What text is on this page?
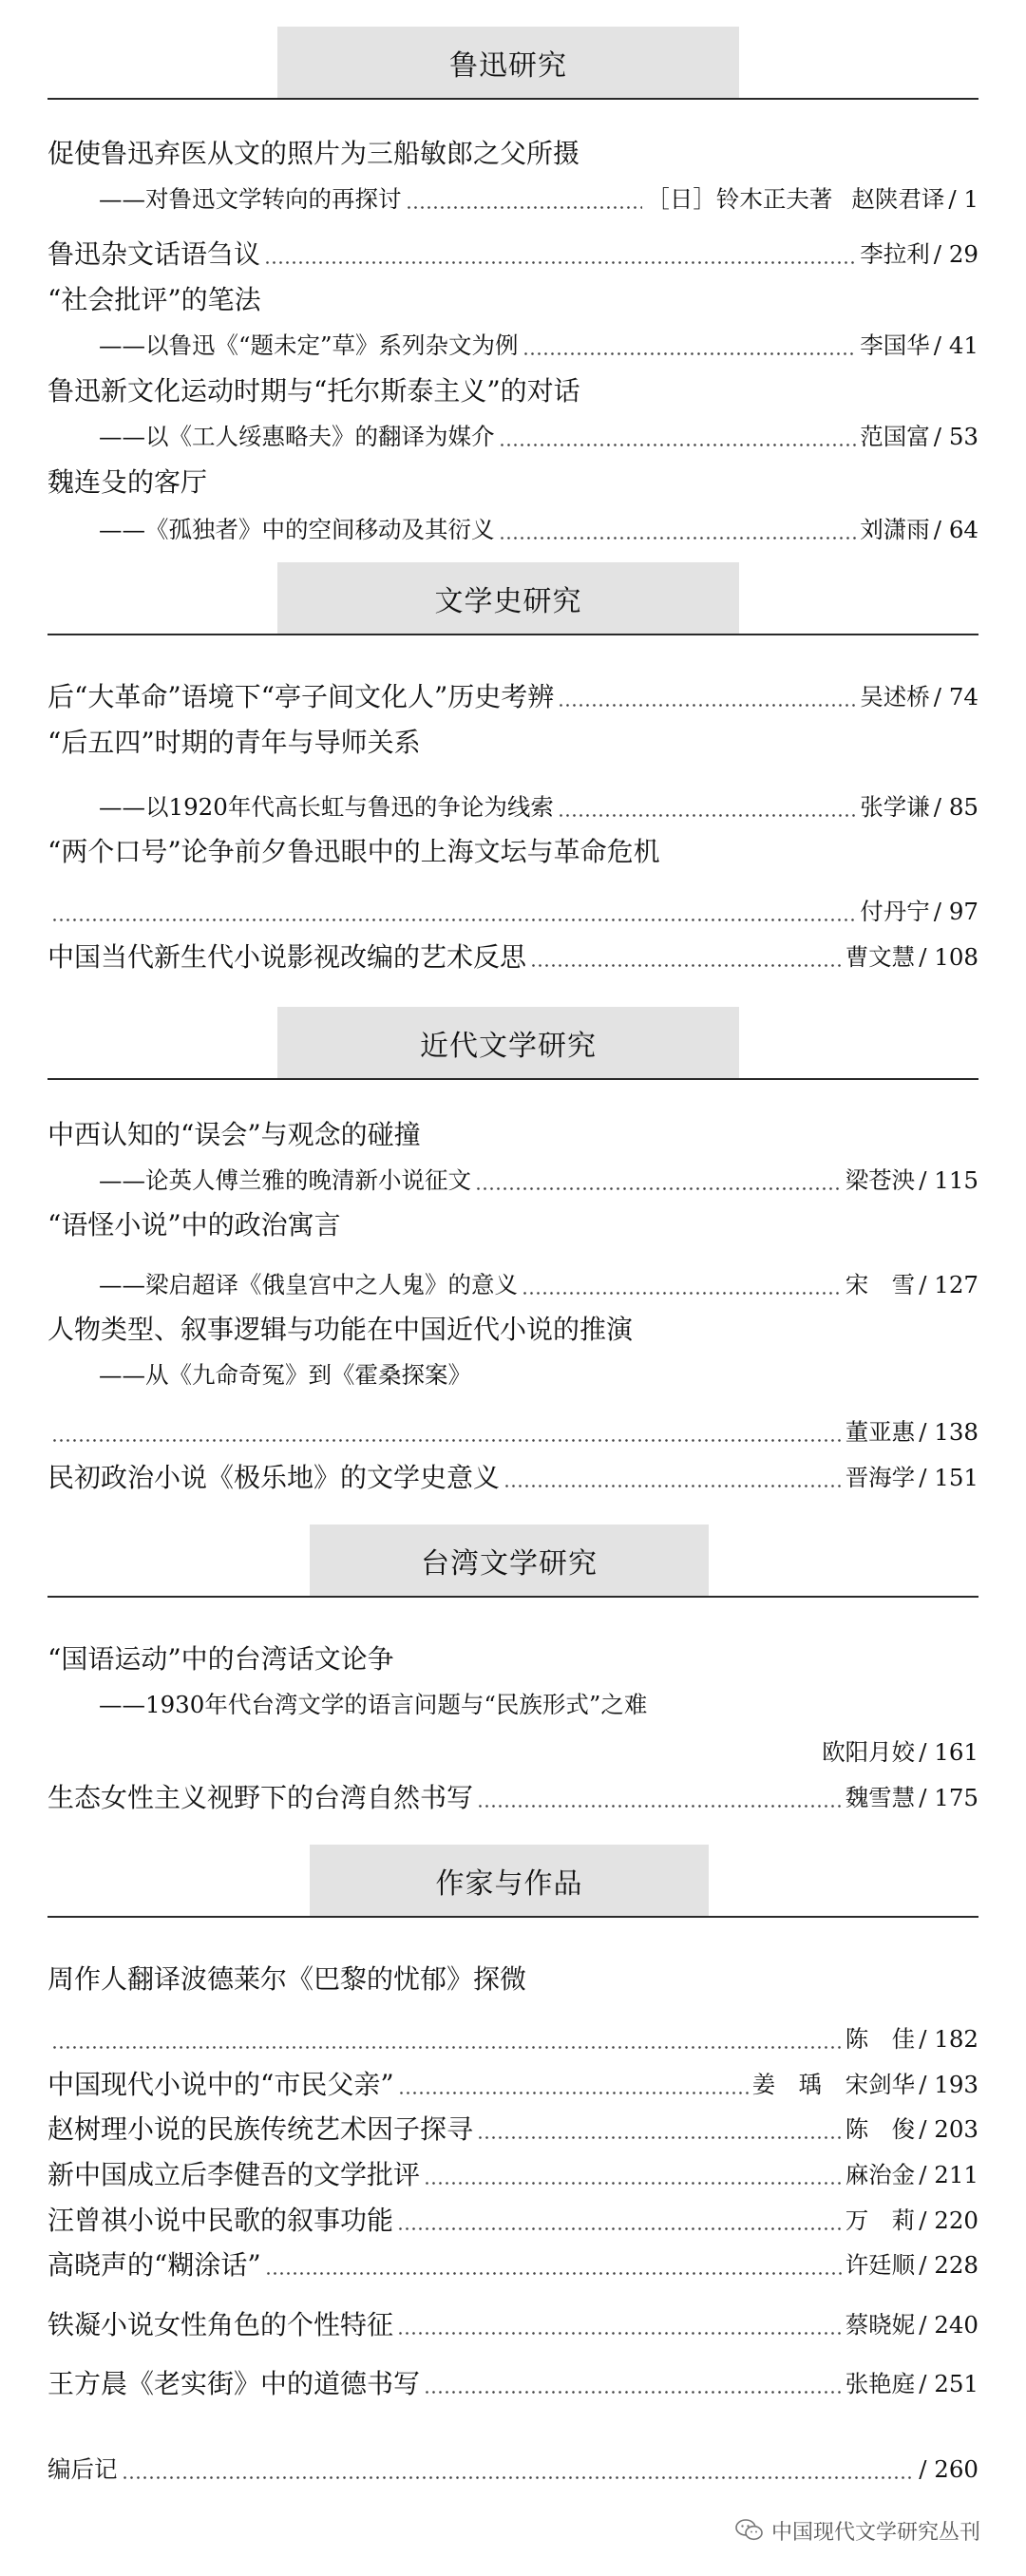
鲁迅研究
促使鲁迅弃医从文的照片为三船敏郎之父所摄
——对鲁迅文学转向的再探讨	［日］铃木正夫著 赵陕君译 / 1
鲁迅杂文话语刍议	李拉利 / 29
“社会批评”的笔法
——以鲁迅《“题未定”草》系列杂文为例	李国华 / 41
鲁迅新文化运动时期与“托尔斯泰主义”的对话
——以《工人绥惠略夫》的翻译为媒介	范国富 / 53
魏连殳的客厅
——《孤独者》中的空间移动及其衍义	刘潇雨 / 64
文学史研究
后“大革命”语境下“亭子间文化人”历史考辨	吴述桥 / 74
“后五四”时期的青年与导师关系
——以1920年代高长虹与鲁迅的争论为线索	张学谦 / 85
“两个口号”论争前夕鲁迅眼中的上海文坛与革命危机
付丹宁 / 97
中国当代新生代小说影视改编的艺术反思	曹文慧 / 108
近代文学研究
中西认知的“误会”与观念的碰撞
——论英人傅兰雅的晚清新小说征文	梁苍泱 / 115
“语怪小说”中的政治寓言
——梁启超译《俄皇宫中之人鬼》的意义	宋　雪 / 127
人物类型、叙事逻辑与功能在中国近代小说的推演
——从《九命奇冤》到《霍桑探案》
董亚惠 / 138
民初政治小说《极乐地》的文学史意义	晋海学 / 151
台湾文学研究
“国语运动”中的台湾话文论争
——1930年代台湾文学的语言问题与“民族形式”之难
欧阳月姣 / 161
生态女性主义视野下的台湾自然书写	魏雪慧 / 175
作家与作品
周作人翻译波德莱尔《巴黎的忧郁》探微
陈　佳 / 182
中国现代小说中的“市民父亲”	姜　瑀　宋剑华 / 193
赵树理小说的民族传统艺术因子探寻	陈　俊 / 203
新中国成立后李健吾的文学批评	麻治金 / 211
汪曾祺小说中民歌的叙事功能	万　莉 / 220
高晓声的“糊涂话”	许廷顺 / 228
铁凝小说女性角色的个性特征	蔡晓妮 / 240
王方晨《老实街》中的道德书写	张艳庭 / 251
编后记	/ 260
中国现代文学研究丛刊
